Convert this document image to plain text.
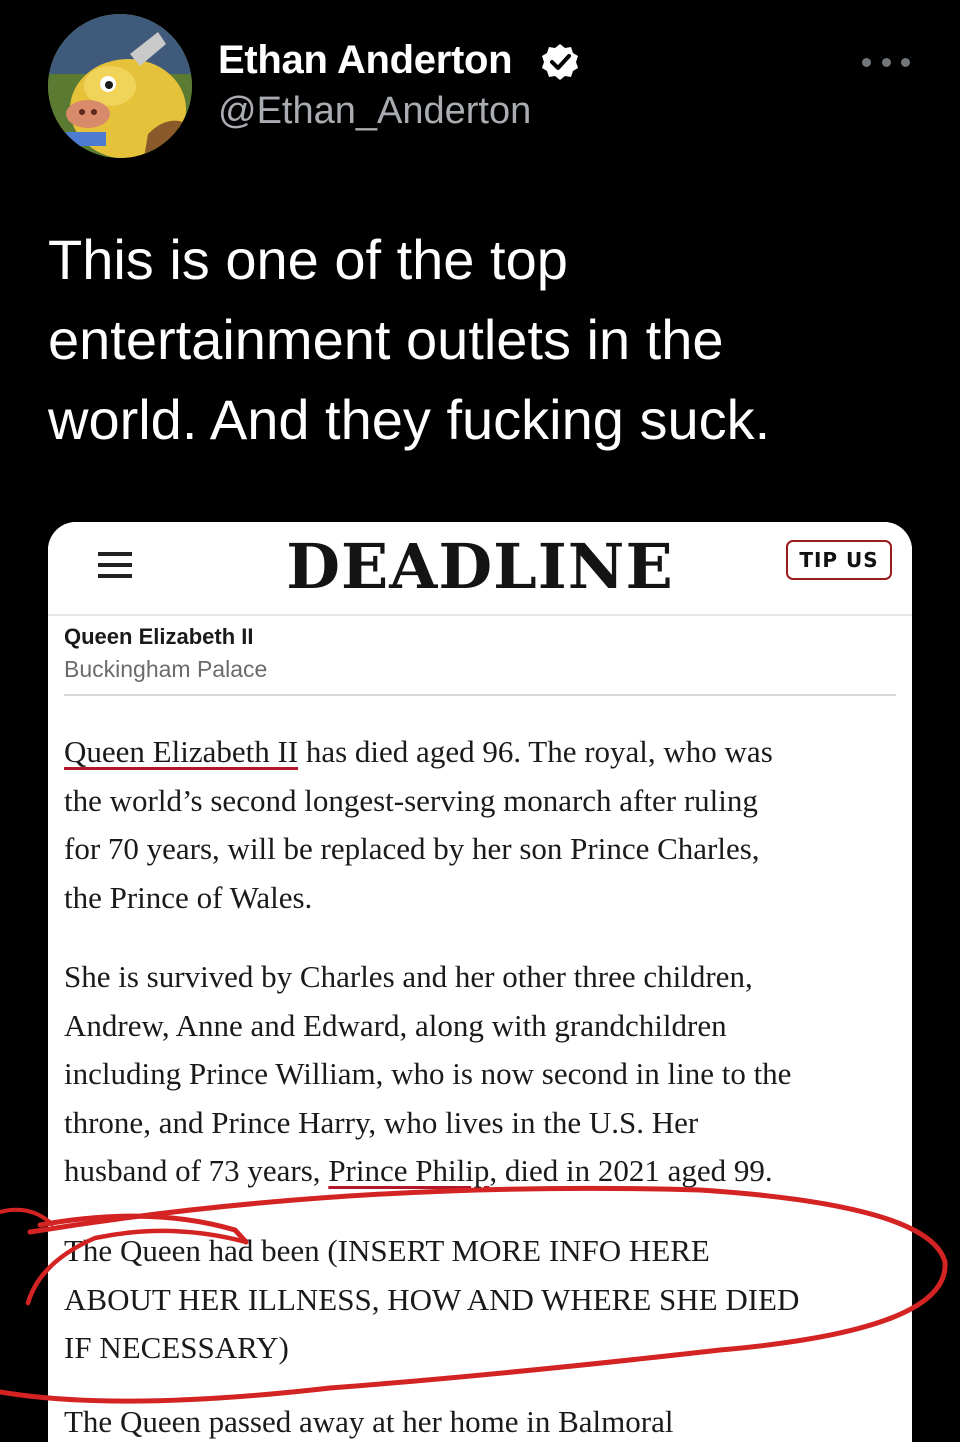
Ethan Anderton
@Ethan_Anderton
This is one of the top
entertainment outlets in the
world. And they fucking suck.
DEADLINE	TIP US
Queen Elizabeth II
Buckingham Palace
Queen Elizabeth II has died aged 96. The royal, who was
the world’s second longest-serving monarch after ruling
for 70 years, will be replaced by her son Prince Charles,
the Prince of Wales.
She is survived by Charles and her other three children,
Andrew, Anne and Edward, along with grandchildren
including Prince William, who is now second in line to the
throne, and Prince Harry, who lives in the U.S. Her
husband of 73 years, Prince Philip, died in 2021 aged 99.
The Queen had been (INSERT MORE INFO HERE
ABOUT HER ILLNESS, HOW AND WHERE SHE DIED
IF NECESSARY)
The Queen passed away at her home in Balmoral
